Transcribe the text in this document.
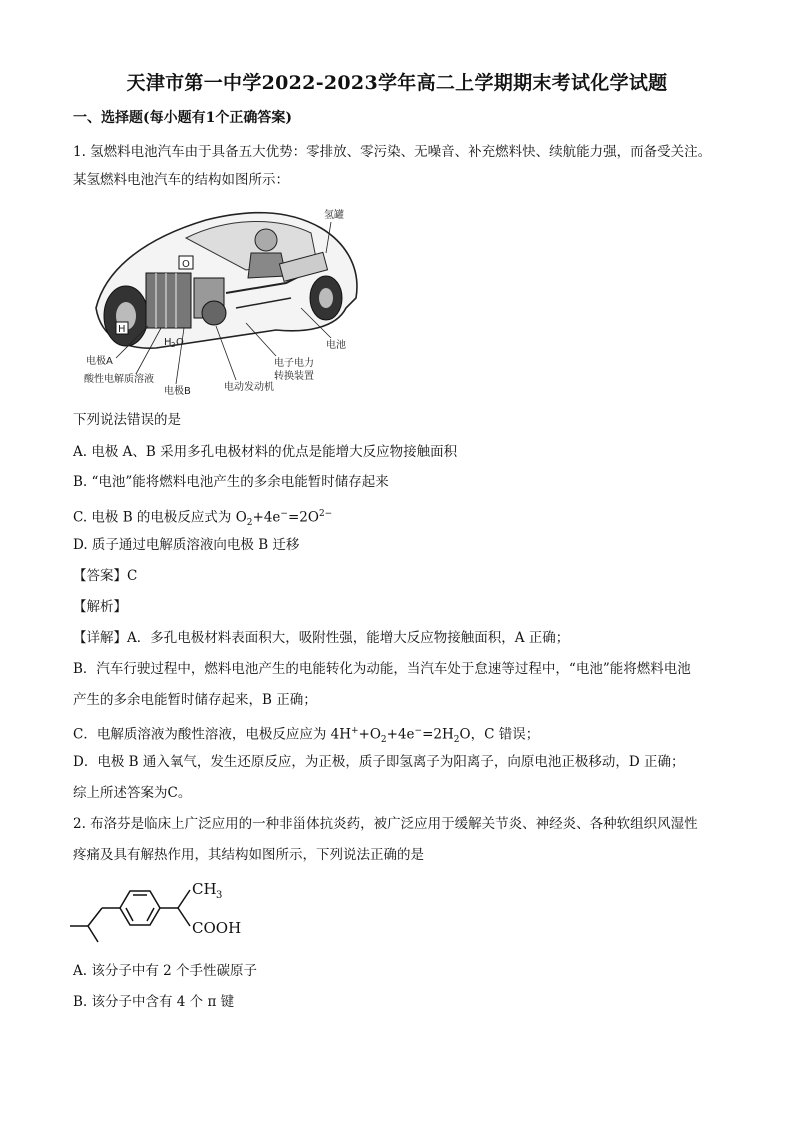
天津市第一中学2022-2023学年高二上学期期末考试化学试题
一、选择题(每小题有1个正确答案)
1. 氢燃料电池汽车由于具备五大优势：零排放、零污染、无噪音、补充燃料快、续航能力强，而备受关注。
某氢燃料电池汽车的结构如图所示：
O
H
H 2 O
氢罐
电池
电子电力
转换装置
电动发动机
电极A
酸性电解质溶液
电极B
下列说法错误的是
A. 电极 A、B 采用多孔电极材料的优点是能增大反应物接触面积
B. “电池”能将燃料电池产生的多余电能暂时储存起来
C. 电极 B 的电极反应式为 $O_2+4e^-=2O^{2-}$
D. 质子通过电解质溶液向电极 B 迁移
【答案】C
【解析】
【详解】A．多孔电极材料表面积大，吸附性强，能增大反应物接触面积，A 正确；
B．汽车行驶过程中，燃料电池产生的电能转化为动能，当汽车处于怠速等过程中，“电池”能将燃料电池
产生的多余电能暂时储存起来，B 正确；
C．电解质溶液为酸性溶液，电极反应应为 $4H^++O_2+4e^-=2H_2O$，C 错误；
D．电极 B 通入氧气，发生还原反应，为正极，质子即氢离子为阳离子，向原电池正极移动，D 正确；
综上所述答案为C。
2. 布洛芬是临床上广泛应用的一种非甾体抗炎药，被广泛应用于缓解关节炎、神经炎、各种软组织风湿性
疼痛及具有解热作用，其结构如图所示，下列说法正确的是
CH 3
COOH
A. 该分子中有 2 个手性碳原子
B. 该分子中含有 4 个 π 键
